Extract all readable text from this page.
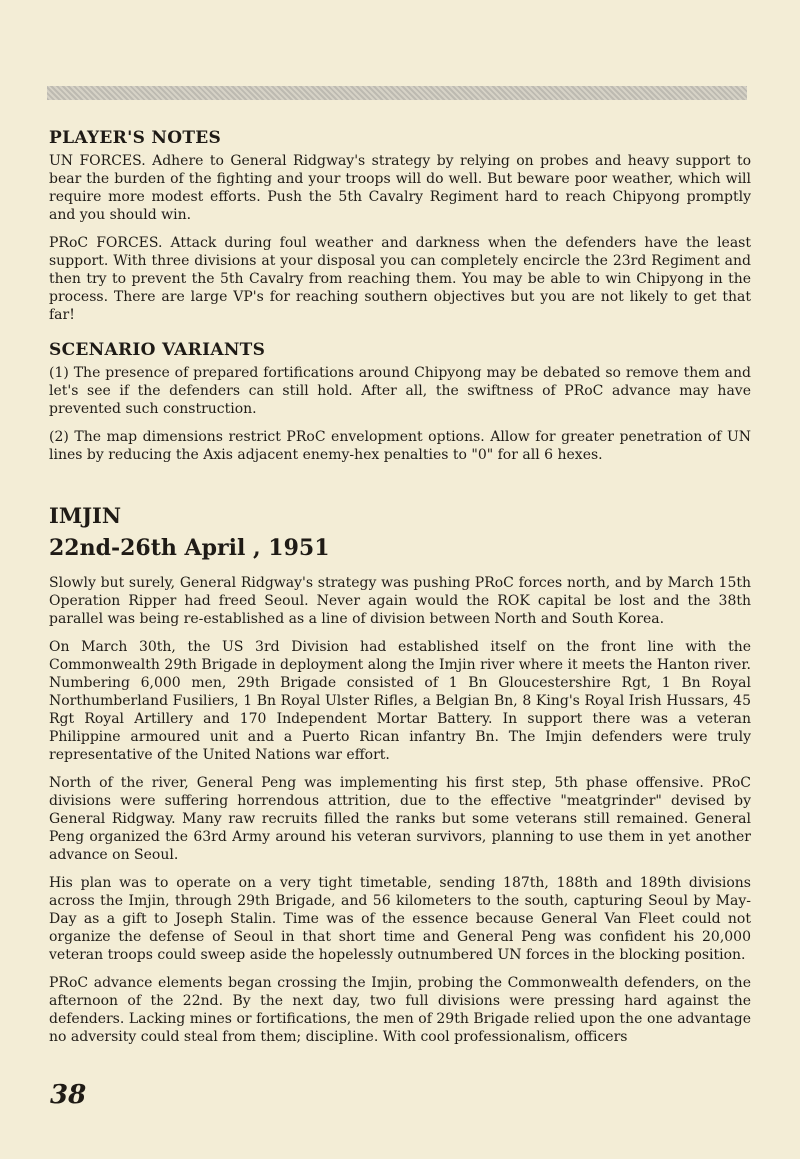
PLAYER'S NOTES

UN FORCES. Adhere to General Ridgway's strategy by relying on probes and heavy support to bear the burden of the fighting and your troops will do well. But beware poor weather, which will require more modest efforts. Push the 5th Cavalry Regiment hard to reach Chipyong promptly and you should win.

PRoC FORCES. Attack during foul weather and darkness when the defenders have the least support. With three divisions at your disposal you can completely encircle the 23rd Regiment and then try to prevent the 5th Cavalry from reaching them. You may be able to win Chipyong in the process. There are large VP's for reaching southern objectives but you are not likely to get that far!

SCENARIO VARIANTS

(1) The presence of prepared fortifications around Chipyong may be debated so remove them and let's see if the defenders can still hold. After all, the swiftness of PRoC advance may have prevented such construction.

(2) The map dimensions restrict PRoC envelopment options. Allow for greater penetration of UN lines by reducing the Axis adjacent enemy-hex penalties to "0" for all 6 hexes.

IMJIN
22nd-26th April , 1951

Slowly but surely, General Ridgway's strategy was pushing PRoC forces north, and by March 15th Operation Ripper had freed Seoul. Never again would the ROK capital be lost and the 38th parallel was being re-established as a line of division between North and South Korea.

On March 30th, the US 3rd Division had established itself on the front line with the Commonwealth 29th Brigade in deployment along the Imjin river where it meets the Hanton river. Numbering 6,000 men, 29th Brigade consisted of 1 Bn Gloucestershire Rgt, 1 Bn Royal Northumberland Fusiliers, 1 Bn Royal Ulster Rifles, a Belgian Bn, 8 King's Royal Irish Hussars, 45 Rgt Royal Artillery and 170 Independent Mortar Battery. In support there was a veteran Philippine armoured unit and a Puerto Rican infantry Bn. The Imjin defenders were truly representative of the United Nations war effort.

North of the river, General Peng was implementing his first step, 5th phase offensive. PRoC divisions were suffering horrendous attrition, due to the effective "meatgrinder" devised by General Ridgway. Many raw recruits filled the ranks but some veterans still remained. General Peng organized the 63rd Army around his veteran survivors, planning to use them in yet another advance on Seoul.

His plan was to operate on a very tight timetable, sending 187th, 188th and 189th divisions across the Imjin, through 29th Brigade, and 56 kilometers to the south, capturing Seoul by May-Day as a gift to Joseph Stalin. Time was of the essence because General Van Fleet could not organize the defense of Seoul in that short time and General Peng was confident his 20,000 veteran troops could sweep aside the hopelessly outnumbered UN forces in the blocking position.

PRoC advance elements began crossing the Imjin, probing the Commonwealth defenders, on the afternoon of the 22nd. By the next day, two full divisions were pressing hard against the defenders. Lacking mines or fortifications, the men of 29th Brigade relied upon the one advantage no adversity could steal from them; discipline. With cool professionalism, officers

38
